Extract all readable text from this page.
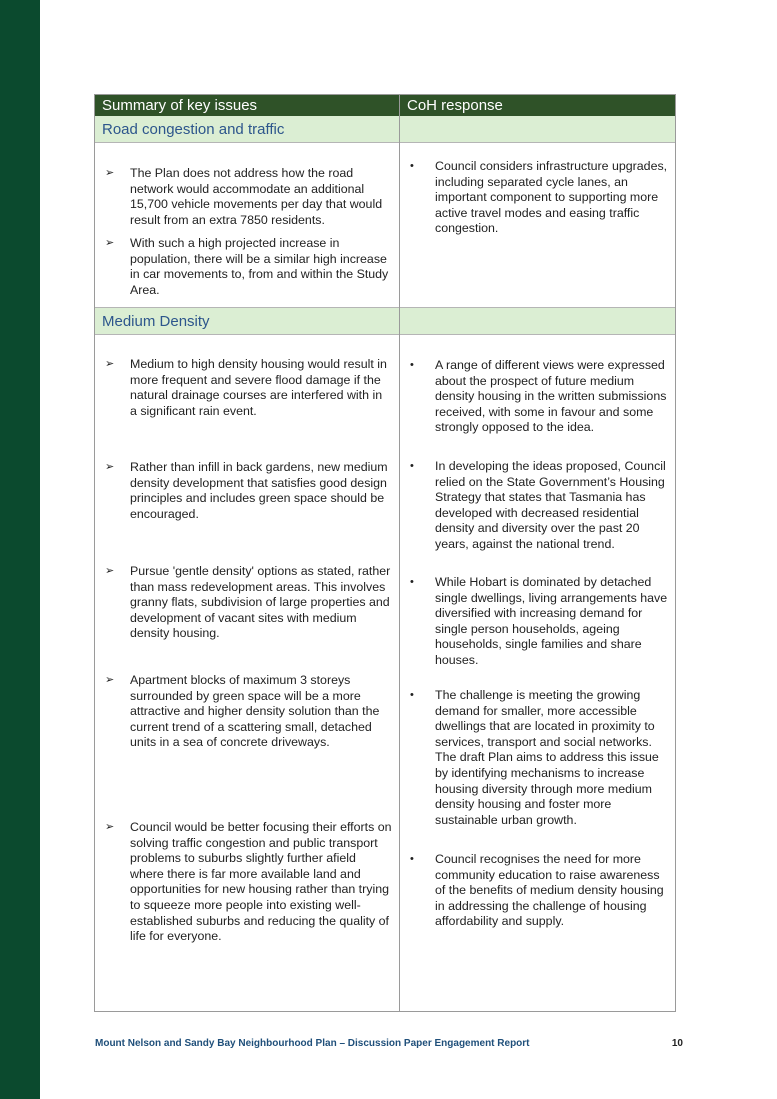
Summary of key issues	CoH response
Road congestion and traffic

➢ The Plan does not address how the road network would accommodate an additional 15,700 vehicle movements per day that would result from an extra 7850 residents.

➢ With such a high projected increase in population, there will be a similar high increase in car movements to, from and within the Study Area.

• Council considers infrastructure upgrades, including separated cycle lanes, an important component to supporting more active travel modes and easing traffic congestion.

Medium Density

➢ Medium to high density housing would result in more frequent and severe flood damage if the natural drainage courses are interfered with in a significant rain event.

➢ Rather than infill in back gardens, new medium density development that satisfies good design principles and includes green space should be encouraged.

➢ Pursue 'gentle density' options as stated, rather than mass redevelopment areas. This involves granny flats, subdivision of large properties and development of vacant sites with medium density housing.

➢ Apartment blocks of maximum 3 storeys surrounded by green space will be a more attractive and higher density solution than the current trend of a scattering small, detached units in a sea of concrete driveways.

➢ Council would be better focusing their efforts on solving traffic congestion and public transport problems to suburbs slightly further afield where there is far more available land and opportunities for new housing rather than trying to squeeze more people into existing well-established suburbs and reducing the quality of life for everyone.

• A range of different views were expressed about the prospect of future medium density housing in the written submissions received, with some in favour and some strongly opposed to the idea.

• In developing the ideas proposed, Council relied on the State Government’s Housing Strategy that states that Tasmania has developed with decreased residential density and diversity over the past 20 years, against the national trend.

• While Hobart is dominated by detached single dwellings, living arrangements have diversified with increasing demand for single person households, ageing households, single families and share houses.

• The challenge is meeting the growing demand for smaller, more accessible dwellings that are located in proximity to services, transport and social networks. The draft Plan aims to address this issue by identifying mechanisms to increase housing diversity through more medium density housing and foster more sustainable urban growth.

• Council recognises the need for more community education to raise awareness of the benefits of medium density housing in addressing the challenge of housing affordability and supply.

Mount Nelson and Sandy Bay Neighbourhood Plan – Discussion Paper Engagement Report	10
